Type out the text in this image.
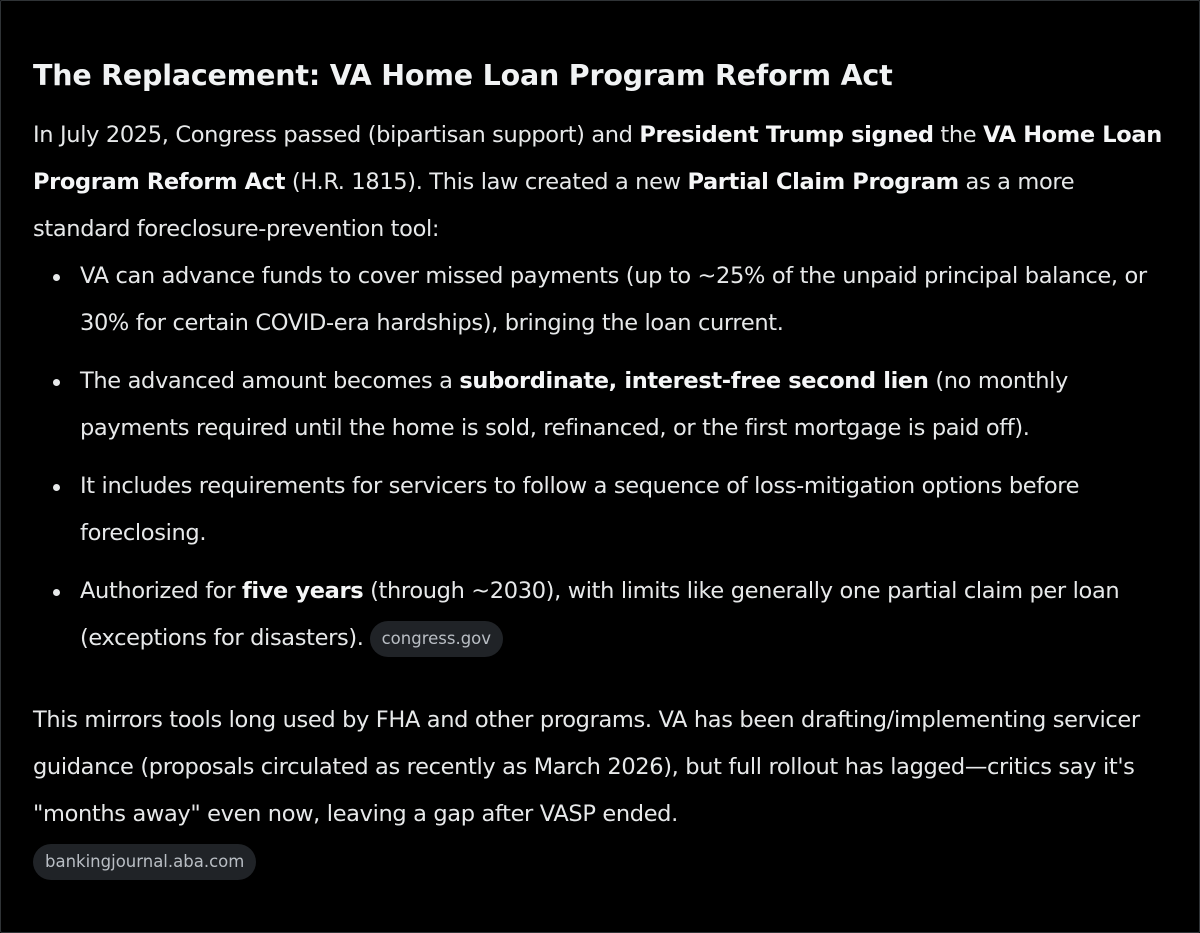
The Replacement: VA Home Loan Program Reform Act

In July 2025, Congress passed (bipartisan support) and President Trump signed the VA Home Loan Program Reform Act (H.R. 1815). This law created a new Partial Claim Program as a more standard foreclosure-prevention tool:

VA can advance funds to cover missed payments (up to ~25% of the unpaid principal balance, or 30% for certain COVID-era hardships), bringing the loan current.
The advanced amount becomes a subordinate, interest-free second lien (no monthly payments required until the home is sold, refinanced, or the first mortgage is paid off).
It includes requirements for servicers to follow a sequence of loss-mitigation options before foreclosing.
Authorized for five years (through ~2030), with limits like generally one partial claim per loan (exceptions for disasters). congress.gov

This mirrors tools long used by FHA and other programs. VA has been drafting/implementing servicer guidance (proposals circulated as recently as March 2026), but full rollout has lagged—critics say it's "months away" even now, leaving a gap after VASP ended.

bankingjournal.aba.com
